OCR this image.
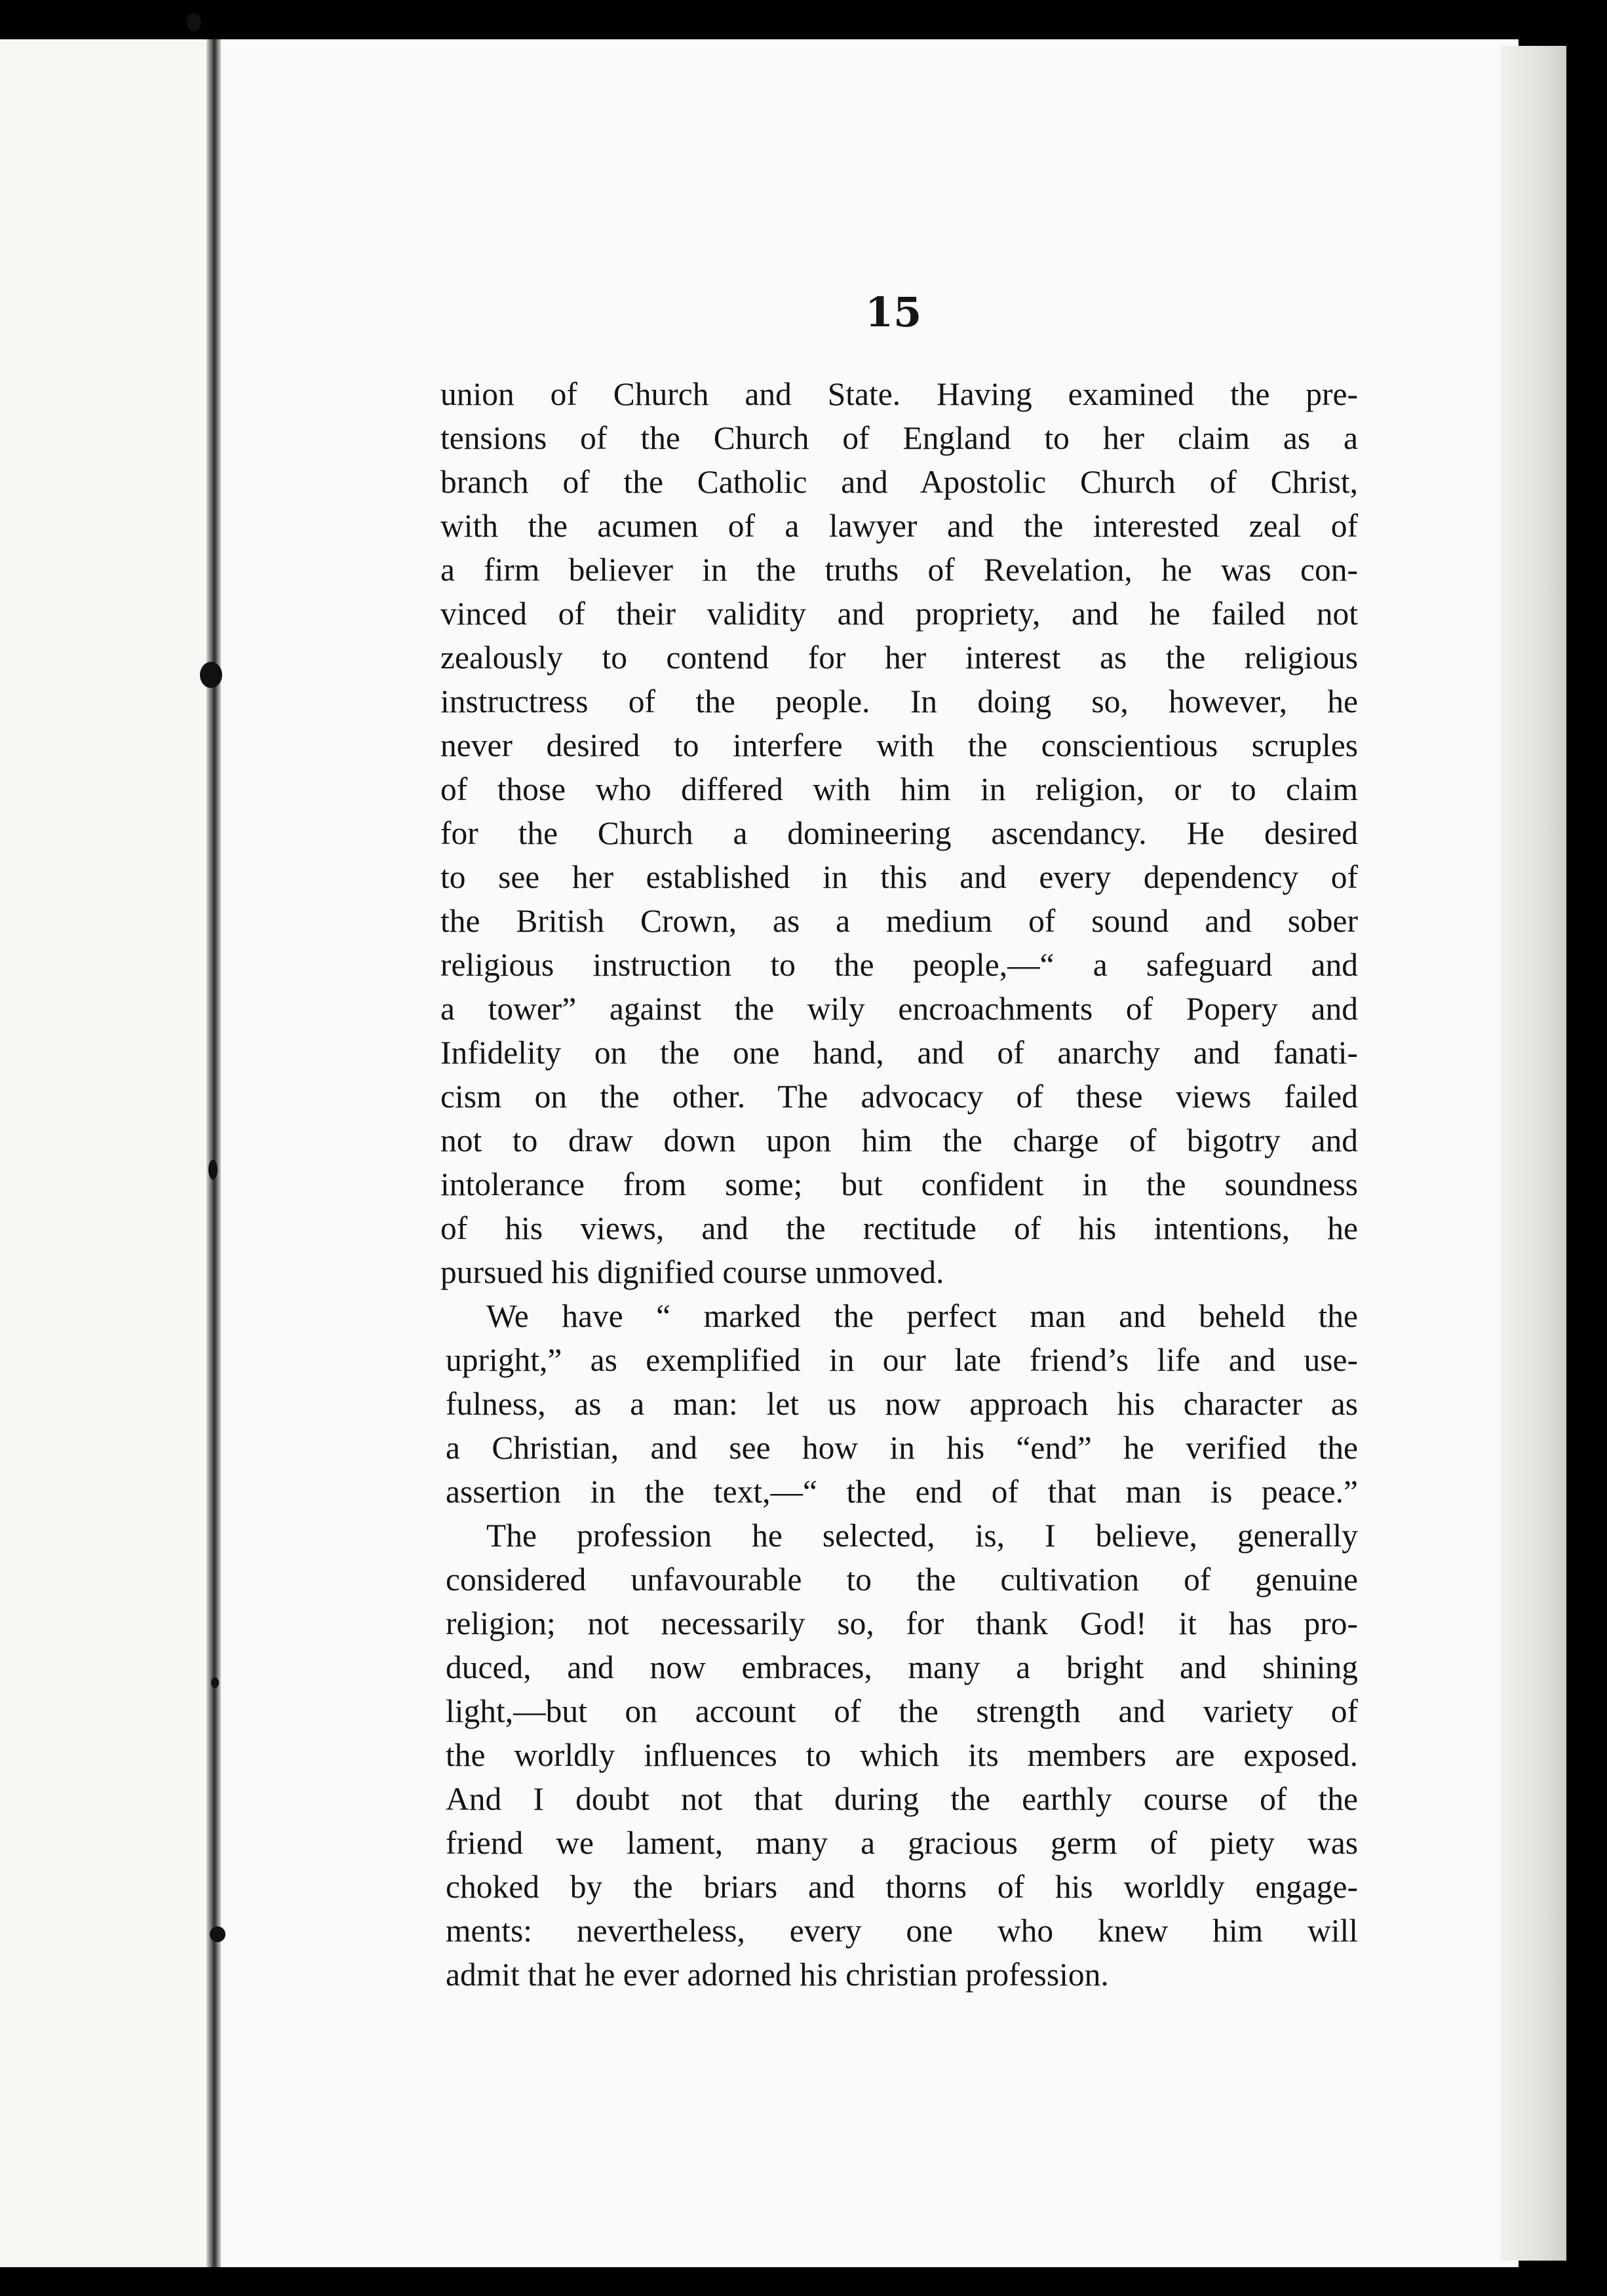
15
union of Church and State. Having examined the pre-
tensions of the Church of England to her claim as a
branch of the Catholic and Apostolic Church of Christ,
with the acumen of a lawyer and the interested zeal of
a firm believer in the truths of Revelation, he was con-
vinced of their validity and propriety, and he failed not
zealously to contend for her interest as the religious
instructress of the people. In doing so, however, he
never desired to interfere with the conscientious scruples
of those who differed with him in religion, or to claim
for the Church a domineering ascendancy. He desired
to see her established in this and every dependency of
the British Crown, as a medium of sound and sober
religious instruction to the people,—“ a safeguard and
a tower” against the wily encroachments of Popery and
Infidelity on the one hand, and of anarchy and fanati-
cism on the other. The advocacy of these views failed
not to draw down upon him the charge of bigotry and
intolerance from some; but confident in the soundness
of his views, and the rectitude of his intentions, he
pursued his dignified course unmoved.
We have “ marked the perfect man and beheld the
upright,” as exemplified in our late friend’s life and use-
fulness, as a man: let us now approach his character as
a Christian, and see how in his “end” he verified the
assertion in the text,—“ the end of that man is peace.”
The profession he selected, is, I believe, generally
considered unfavourable to the cultivation of genuine
religion; not necessarily so, for thank God! it has pro-
duced, and now embraces, many a bright and shining
light,—but on account of the strength and variety of
the worldly influences to which its members are exposed.
And I doubt not that during the earthly course of the
friend we lament, many a gracious germ of piety was
choked by the briars and thorns of his worldly engage-
ments: nevertheless, every one who knew him will
admit that he ever adorned his christian profession.
